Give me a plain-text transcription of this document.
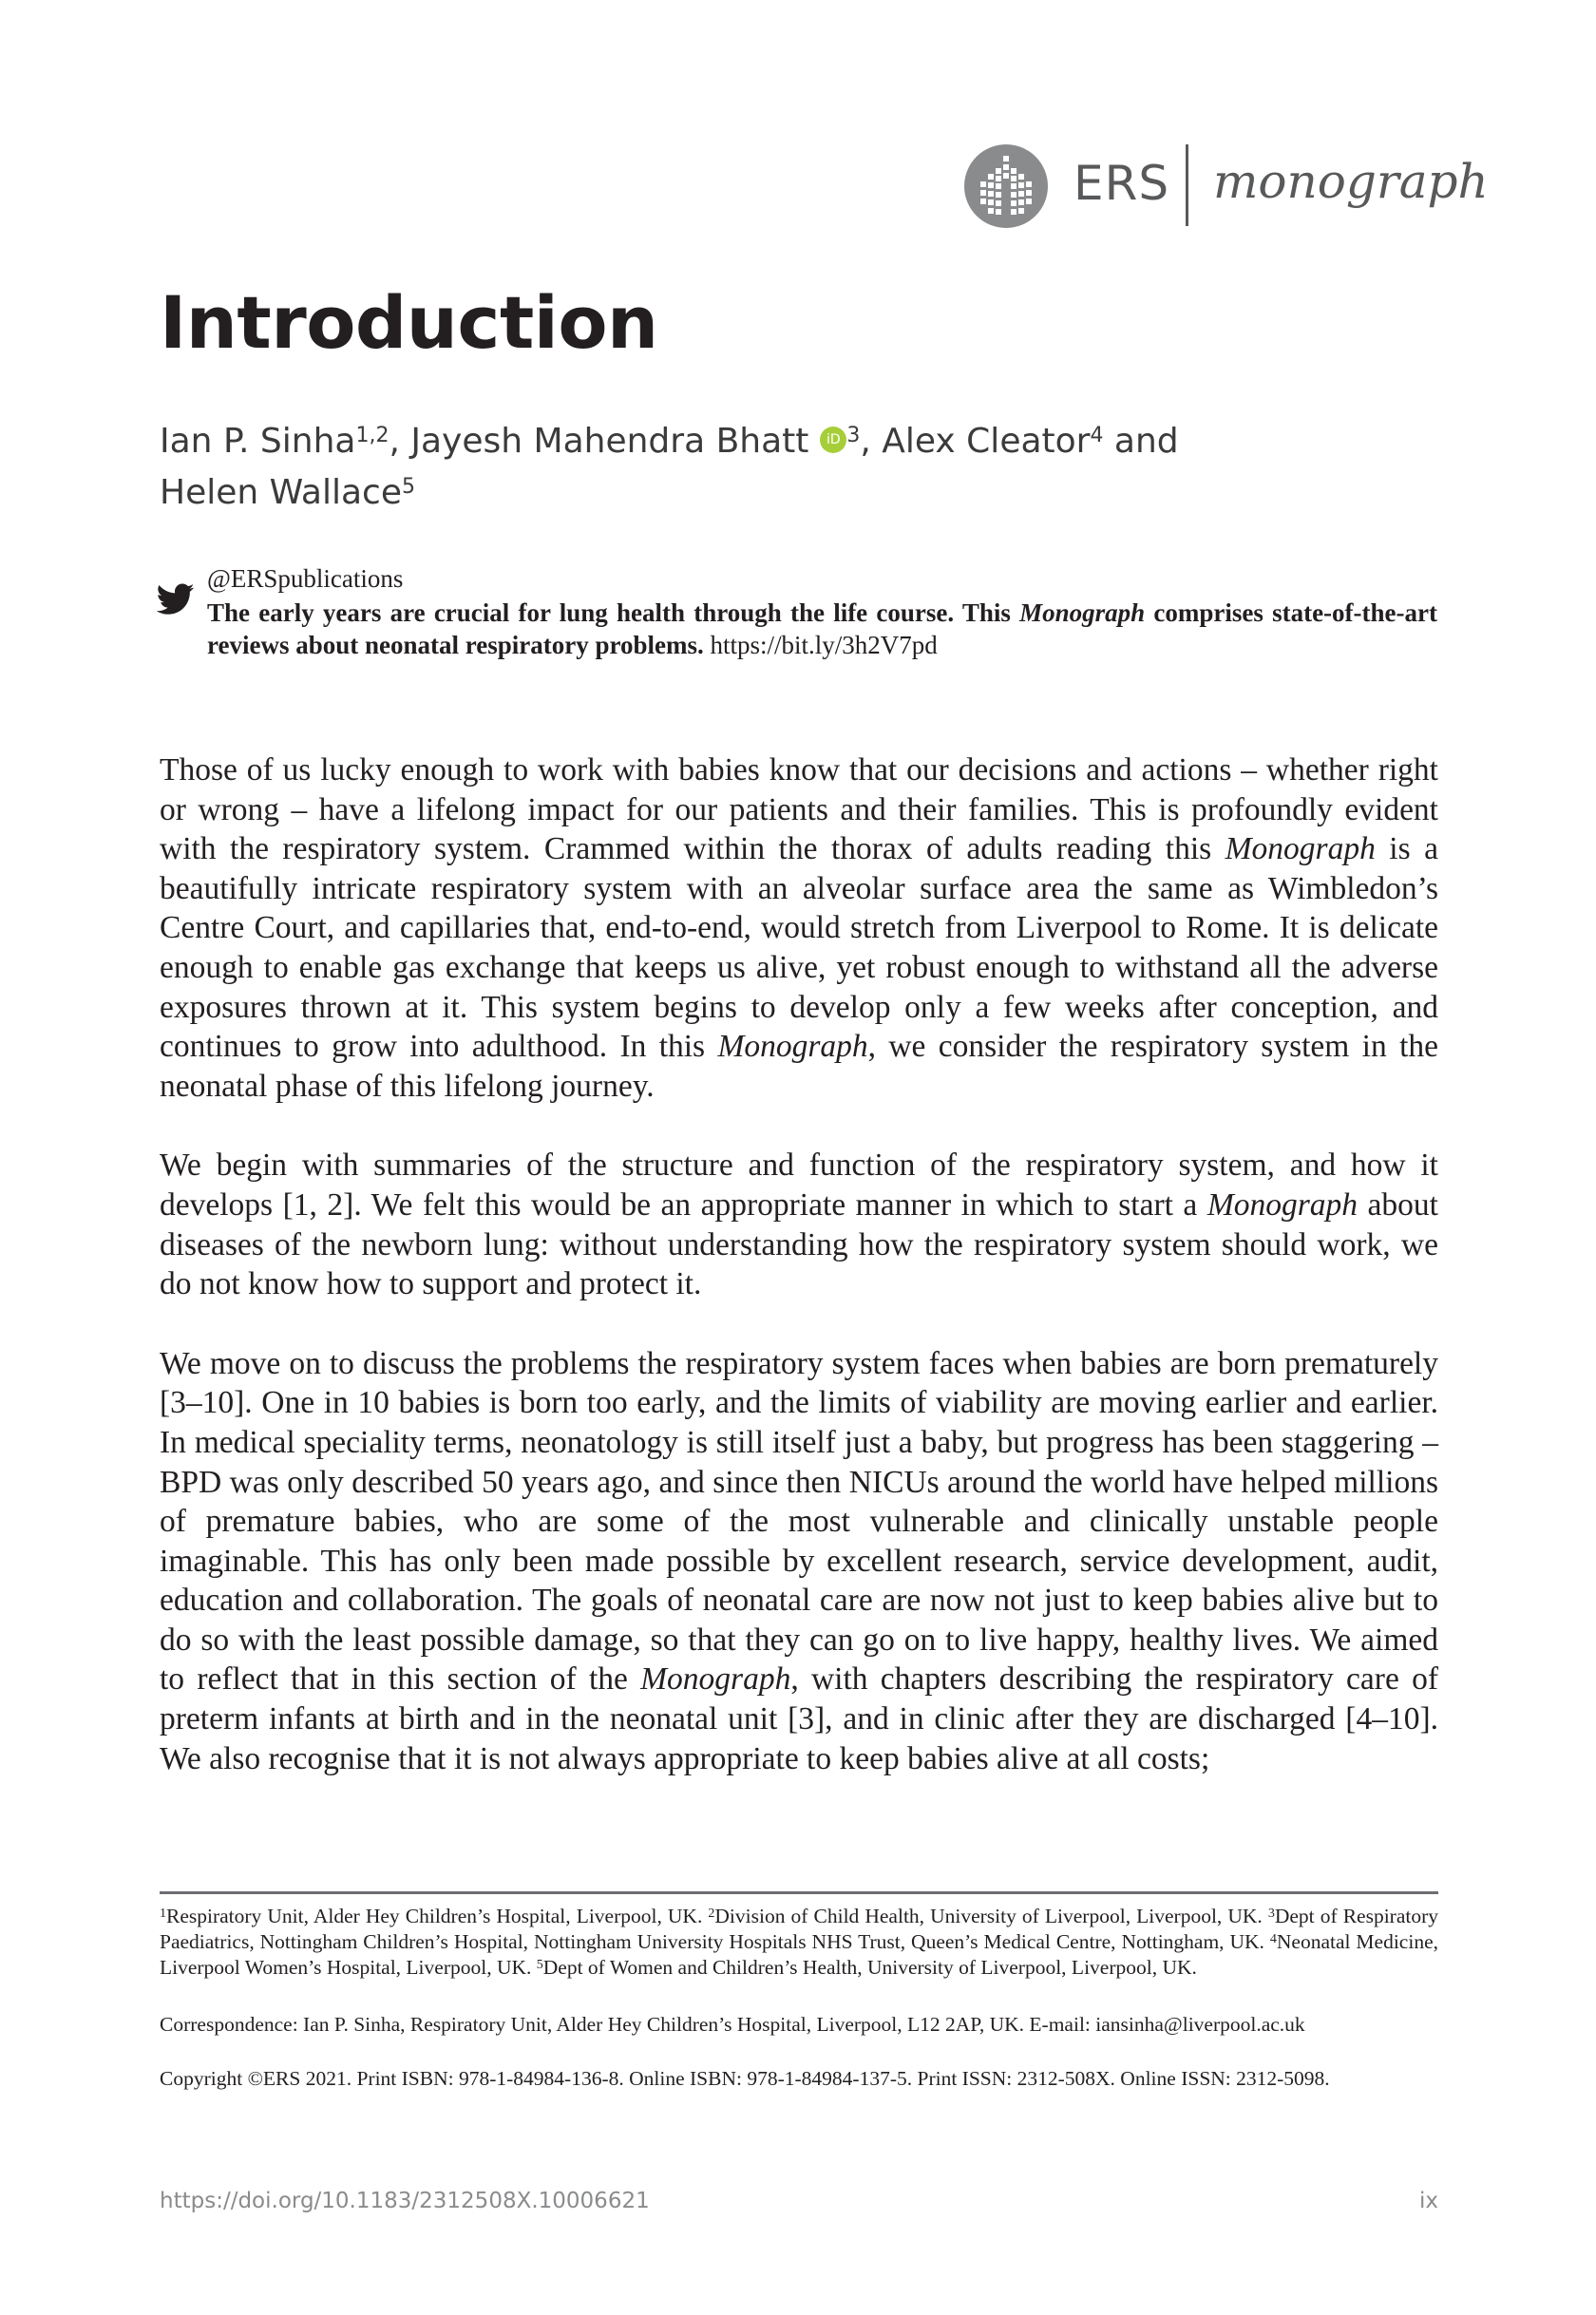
ERS monograph
Introduction
Ian P. Sinha$^{1,2}$, Jayesh Mahendra Bhatt iD $^3$, Alex Cleator$^4$ and
Helen Wallace$^5$
@ERSpublications
The early years are crucial for lung health through the life course. This Monograph comprises state-of-the-art reviews about neonatal respiratory problems. https://bit.ly/3h2V7pd

Those of us lucky enough to work with babies know that our decisions and actions – whether right or wrong – have a lifelong impact for our patients and their families. This is profoundly evident with the respiratory system. Crammed within the thorax of adults reading this Monograph is a beautifully intricate respiratory system with an alveolar surface area the same as Wimbledon’s Centre Court, and capillaries that, end-to-end, would stretch from Liverpool to Rome. It is delicate enough to enable gas exchange that keeps us alive, yet robust enough to withstand all the adverse exposures thrown at it. This system begins to develop only a few weeks after conception, and continues to grow into adulthood. In this Monograph, we consider the respiratory system in the neonatal phase of this lifelong journey.

We begin with summaries of the structure and function of the respiratory system, and how it develops [1, 2]. We felt this would be an appropriate manner in which to start a Monograph about diseases of the newborn lung: without understanding how the respiratory system should work, we do not know how to support and protect it.

We move on to discuss the problems the respiratory system faces when babies are born prematurely [3–10]. One in 10 babies is born too early, and the limits of viability are moving earlier and earlier. In medical speciality terms, neonatology is still itself just a baby, but progress has been staggering – BPD was only described 50 years ago, and since then NICUs around the world have helped millions of premature babies, who are some of the most vulnerable and clinically unstable people imaginable. This has only been made possible by excellent research, service development, audit, education and collaboration. The goals of neonatal care are now not just to keep babies alive but to do so with the least possible damage, so that they can go on to live happy, healthy lives. We aimed to reflect that in this section of the Monograph, with chapters describing the respiratory care of preterm infants at birth and in the neonatal unit [3], and in clinic after they are discharged [4–10]. We also recognise that it is not always appropriate to keep babies alive at all costs;

$^1$Respiratory Unit, Alder Hey Children’s Hospital, Liverpool, UK. $^2$Division of Child Health, University of Liverpool, Liverpool, UK. $^3$Dept of Respiratory Paediatrics, Nottingham Children’s Hospital, Nottingham University Hospitals NHS Trust, Queen’s Medical Centre, Nottingham, UK. $^4$Neonatal Medicine, Liverpool Women’s Hospital, Liverpool, UK. $^5$Dept of Women and Children’s Health, University of Liverpool, Liverpool, UK.
Correspondence: Ian P. Sinha, Respiratory Unit, Alder Hey Children’s Hospital, Liverpool, L12 2AP, UK. E-mail: iansinha@liverpool.ac.uk
Copyright ©ERS 2021. Print ISBN: 978-1-84984-136-8. Online ISBN: 978-1-84984-137-5. Print ISSN: 2312-508X. Online ISSN: 2312-5098.
https://doi.org/10.1183/2312508X.10006621	ix
